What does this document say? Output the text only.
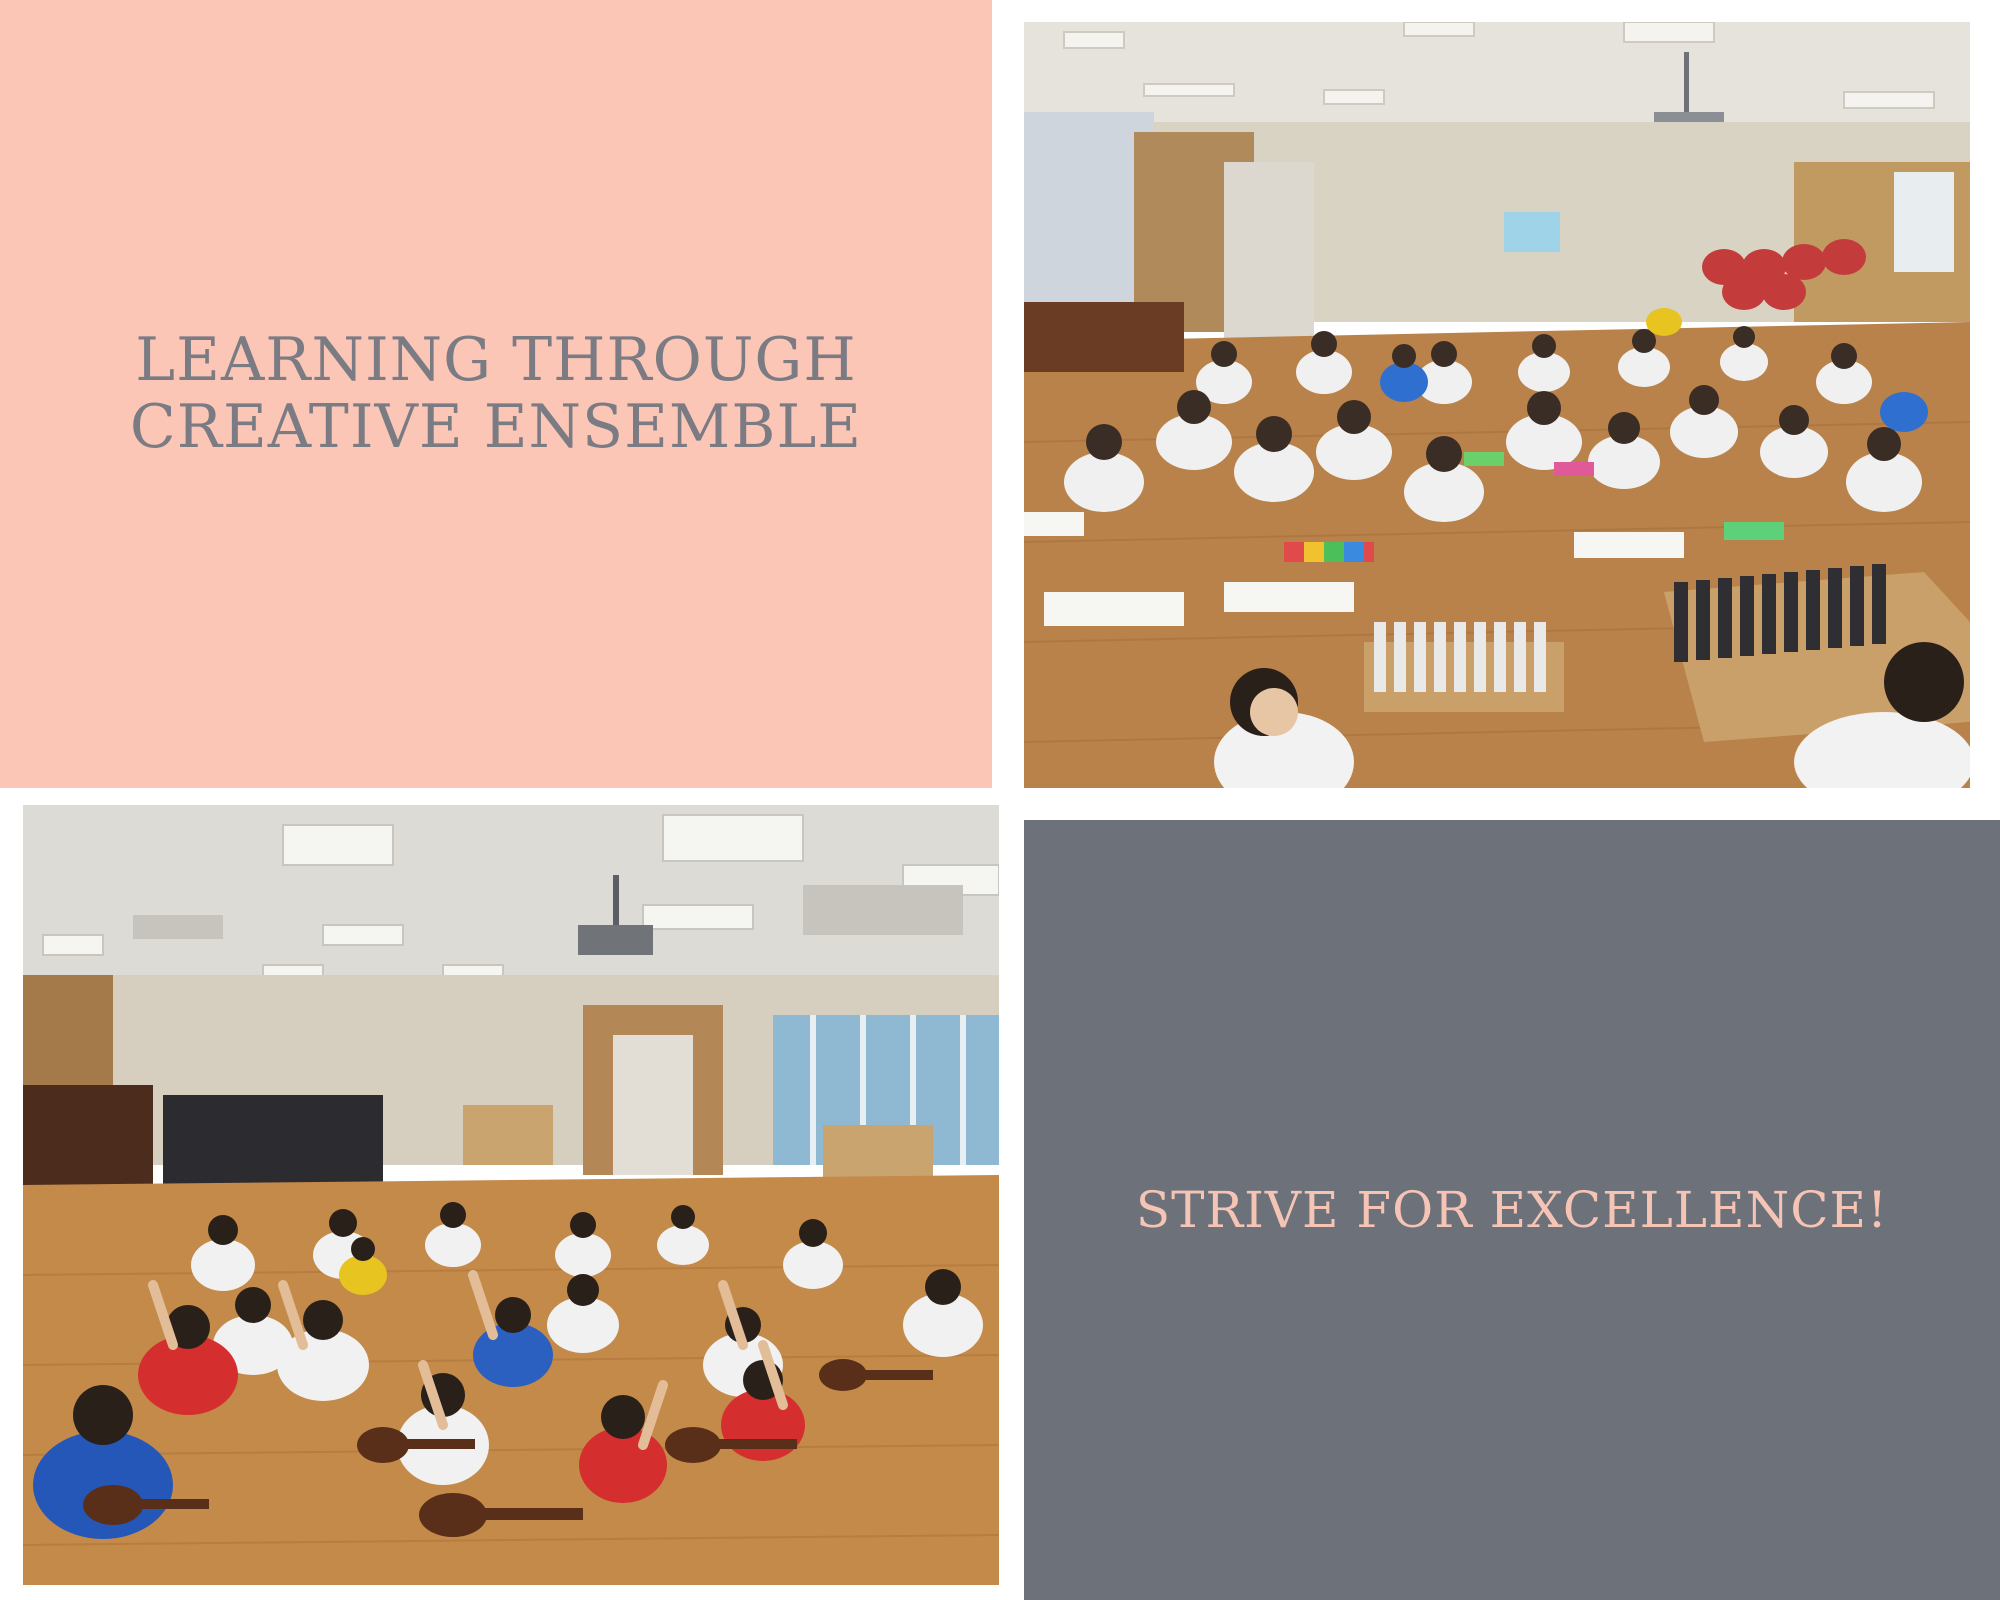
LEARNING THROUGH
CREATIVE ENSEMBLE
STRIVE FOR EXCELLENCE!
